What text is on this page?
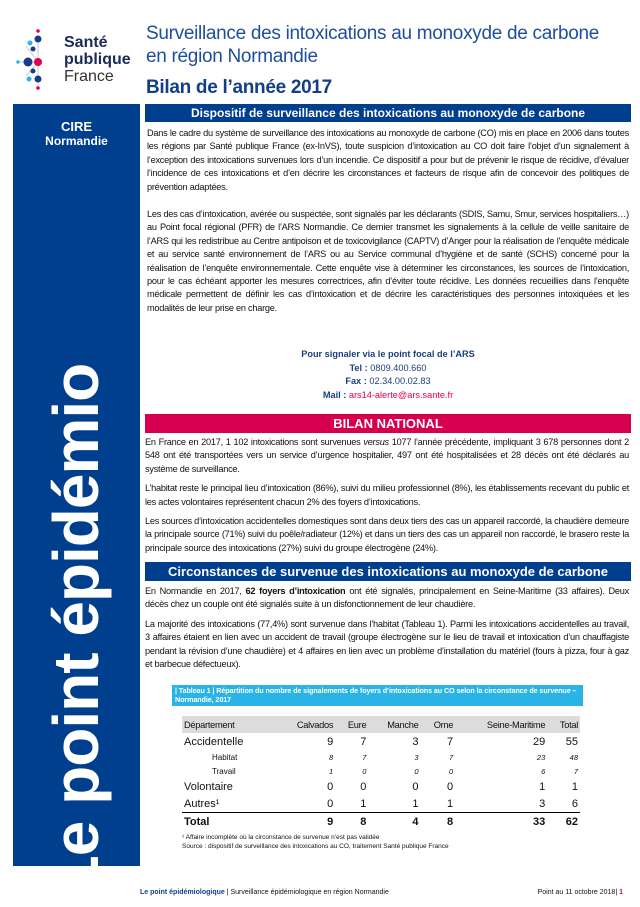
Santé
publique
France
Surveillance des intoxications au monoxyde de carbone
en région Normandie
Bilan de l’année 2017
CIRE
Normandie
Le point épidémio
Dispositif de surveillance des intoxications au monoxyde de carbone

Dans le cadre du système de surveillance des intoxications au monoxyde de carbone (CO) mis en place en 2006 dans toutes les régions par Santé publique France (ex-InVS), toute suspicion d’intoxication au CO doit faire l’objet d’un signalement à l’exception des intoxications survenues lors d’un incendie. Ce dispositif a pour but de prévenir le risque de récidive, d’évaluer l’incidence de ces intoxications et d’en décrire les circonstances et facteurs de risque afin de concevoir des politiques de prévention adaptées.

Les des cas d’intoxication, avérée ou suspectée, sont signalés par les déclarants (SDIS, Samu, Smur, services hospitaliers…) au Point focal régional (PFR) de l’ARS Normandie. Ce dernier transmet les signalements à la cellule de veille sanitaire de l’ARS qui les redistribue au Centre antipoison et de toxicovigilance (CAPTV) d’Anger pour la réalisation de l’enquête médicale et au service santé environnement de l’ARS ou au Service communal d’hygiène et de santé (SCHS) concerné pour la réalisation de l’enquête environnementale. Cette enquête vise à déterminer les circonstances, les sources de l’intoxication, pour le cas échéant apporter les mesures correctrices, afin d’éviter toute récidive. Les données recueillies dans l’enquête médicale permettent de définir les cas d’intoxication et de décrire les caractéristiques des personnes intoxiquées et les modalités de leur prise en charge.

Pour signaler via le point focal de l’ARS
Tel : 0809.400.660
Fax : 02.34.00.02.83
Mail : ars14-alerte@ars.sante.fr
BILAN NATIONAL

En France en 2017, 1 102 intoxications sont survenues versus 1077 l’année précédente, impliquant 3 678 personnes dont 2 548 ont été transportées vers un service d’urgence hospitalier, 497 ont été hospitalisées et 28 décès ont été déclarés au système de surveillance.

L’habitat reste le principal lieu d’intoxication (86%), suivi du milieu professionnel (8%), les établissements recevant du public et les actes volontaires représentent chacun 2% des foyers d’intoxications.

Les sources d’intoxication accidentelles domestiques sont dans deux tiers des cas un appareil raccordé, la chaudière demeure la principale source (71%) suivi du poêle/radiateur (12%) et dans un tiers des cas un appareil non raccordé, le brasero reste la principale source des intoxications (27%) suivi du groupe électrogène (24%).

Circonstances de survenue des intoxications au monoxyde de carbone

En Normandie en 2017, 62 foyers d’intoxication ont été signalés, principalement en Seine-Maritime (33 affaires). Deux décès chez un couple ont été signalés suite à un disfonctionnement de leur chaudière.

La majorité des intoxications (77,4%) sont survenue dans l’habitat (Tableau 1). Parmi les intoxications accidentelles au travail, 3 affaires étaient en lien avec un accident de travail (groupe électrogène sur le lieu de travail et intoxication d’un chauffagiste pendant la révision d’une chaudière) et 4 affaires en lien avec un problème d’installation du matériel (fours à pizza, four à gaz et barbecue défectueux).

| Tableau 1 | Répartition du nombre de signalements de foyers d’intoxications au CO selon la circonstance de survenue – Normandie, 2017
Département	Calvados	Eure	Manche	Orne	Seine-Maritime	Total
Accidentelle	9	7	3	7	29	55
Habitat	8	7	3	7	23	48
Travail	1	0	0	0	6	7
Volontaire	0	0	0	0	1	1
Autres¹	0	1	1	1	3	6
Total	9	8	4	8	33	62
¹ Affaire incomplète où la circonstance de survenue n’est pas validée
Source : dispositif de surveillance des intoxications au CO, traitement Santé publique France
Le point épidémiologique | Surveillance épidémiologique en région Normandie	Point au 11 octobre 2018| 1
